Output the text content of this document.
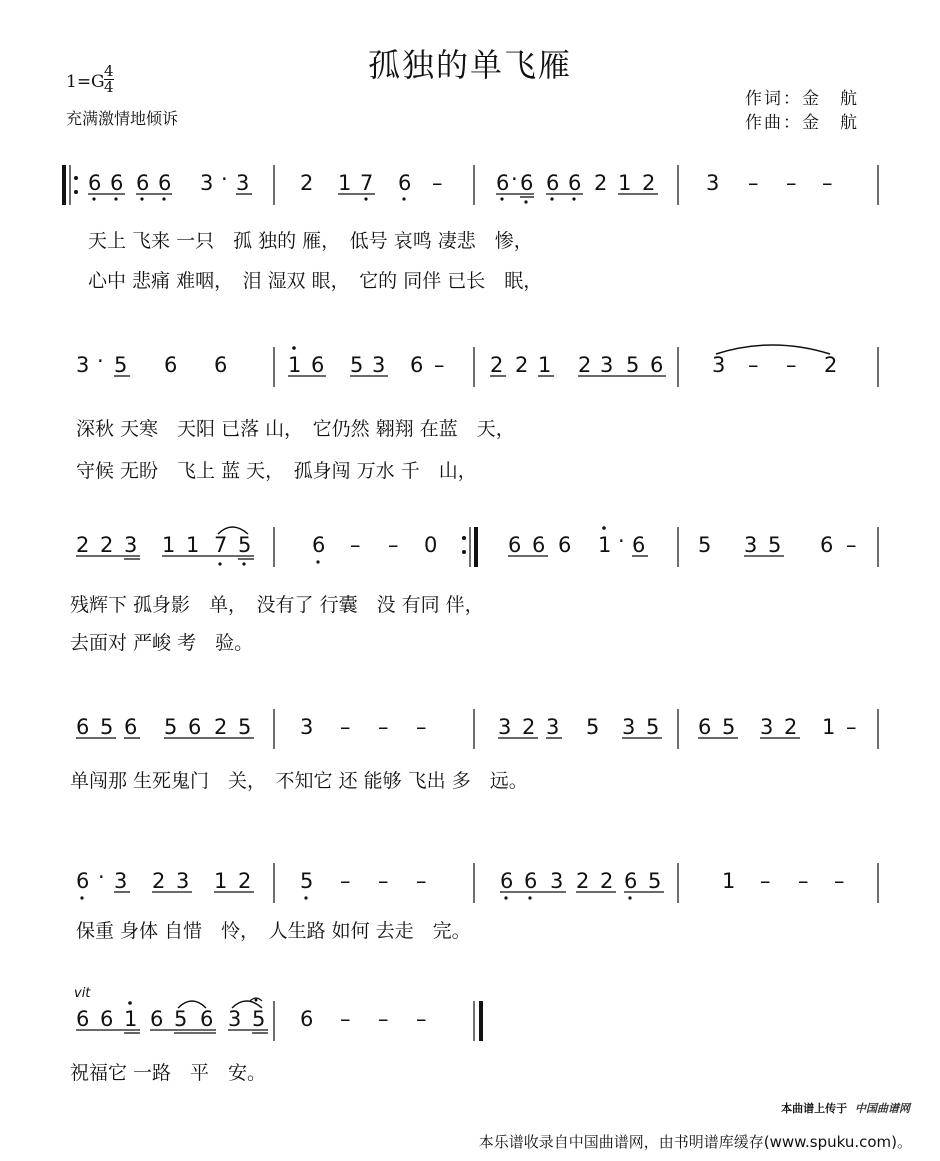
孤独的单飞雁
$1=G \frac{4}{4}$
充满激情地倾诉
作词：金　航
作曲：金　航
6 6 6 6 3 · 3 2 1 7 6 –	6 · 6 6 6 2 1 2 3 – – –
3 · 5 6 6	1 6 5 3 6 – 2 2 1 2 3 5 6 3 – – 2
2 2 3 1 1 7 5	6 – – 0	6 6 6 1 · 6	5 3 5 6 –
6 5 6 5 6 2 5 3 – – –	3 2 3 5 3 5 6 5 3 2 1 –
6 · 3 2 3 1 2 5 – – –	6 6 3 2 2 6 5	1 – – –
6 6 1 6 5 6 3 5 6 – – –
vit
天上 飞来 一只　孤 独的 雁，　低号 哀鸣 凄悲　惨，
心中 悲痛 难咽，　泪 湿双 眼，　它的 同伴 已长　眠，
深秋 天寒　天阳 已落 山，　它仍然 翱翔 在蓝　天，
守候 无盼　飞上 蓝 天，　孤身闯 万水 千　山，
残辉下 孤身影　单，　没有了 行囊　没 有同 伴，
去面对 严峻 考　验。
单闯那 生死鬼门　关，　不知它 还 能够 飞出 多　远。
保重 身体 自惜　怜，　人生路 如何 去走　完。
祝福它 一路　平　安。
本曲谱上传于 中国曲谱网
本乐谱收录自中国曲谱网，由书明谱库缓存(www.spuku.com)。
